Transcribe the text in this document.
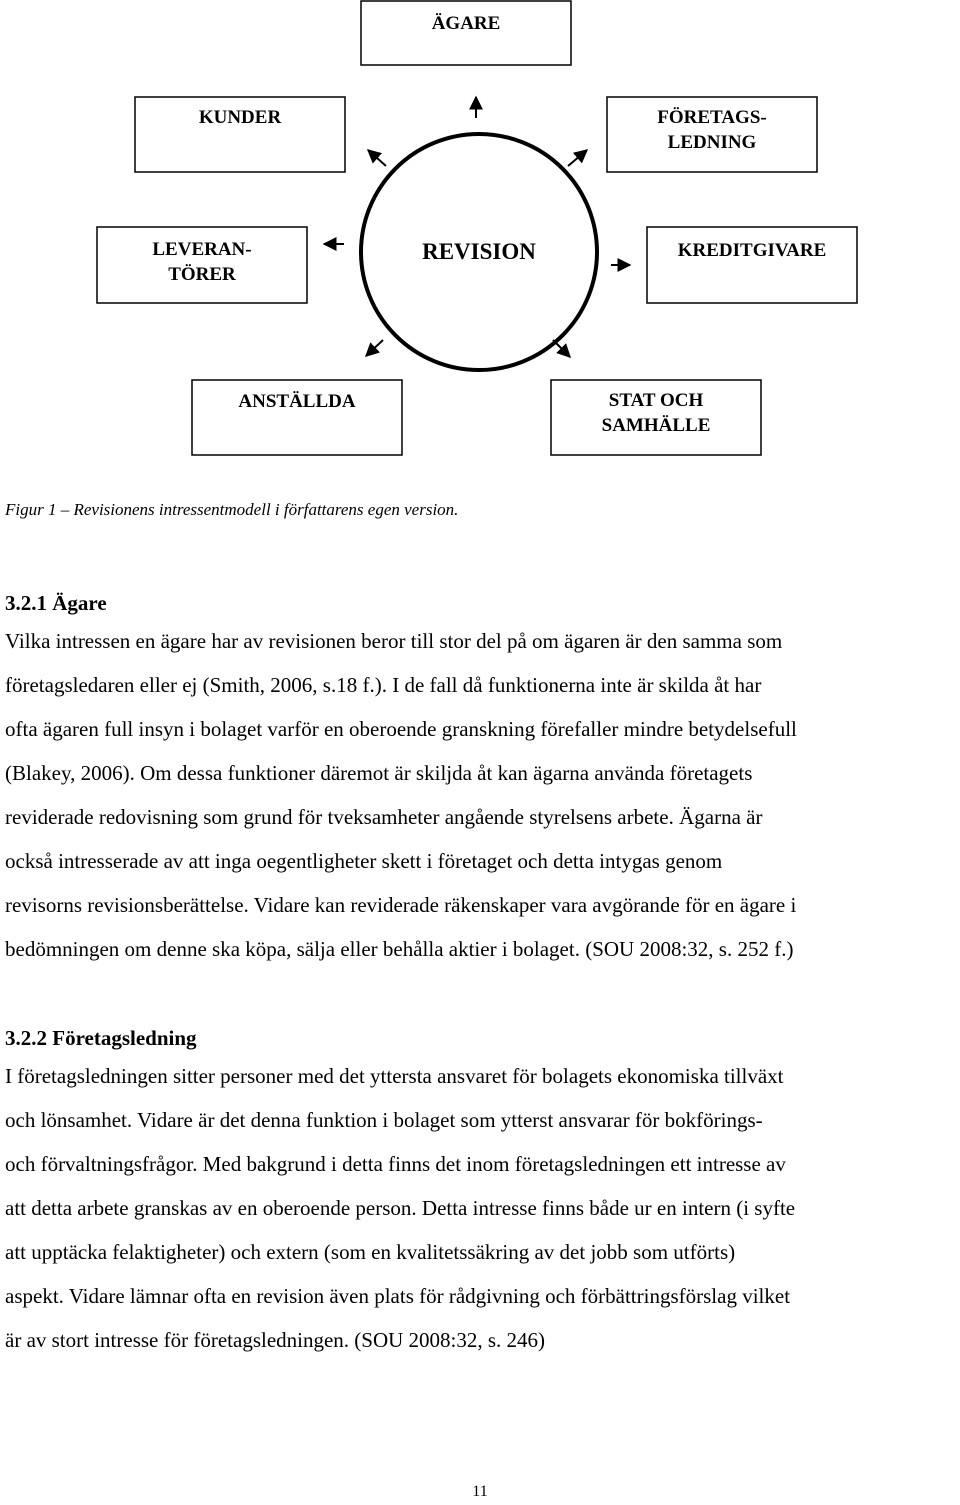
ÄGARE
KUNDER	FÖRETAGS-
LEDNING
LEVERAN-
TÖRER
KREDITGIVARE
ANSTÄLLDA	STAT OCH
SAMHÄLLE
REVISION
Figur 1 – Revisionens intressentmodell i författarens egen version.

3.2.1 Ägare

Vilka intressen en ägare har av revisionen beror till stor del på om ägaren är den samma som

företagsledaren eller ej (Smith, 2006, s.18 f.). I de fall då funktionerna inte är skilda åt har

ofta ägaren full insyn i bolaget varför en oberoende granskning förefaller mindre betydelsefull

(Blakey, 2006). Om dessa funktioner däremot är skiljda åt kan ägarna använda företagets

reviderade redovisning som grund för tveksamheter angående styrelsens arbete. Ägarna är

också intresserade av att inga oegentligheter skett i företaget och detta intygas genom

revisorns revisionsberättelse. Vidare kan reviderade räkenskaper vara avgörande för en ägare i

bedömningen om denne ska köpa, sälja eller behålla aktier i bolaget. (SOU 2008:32, s. 252 f.)

3.2.2 Företagsledning

I företagsledningen sitter personer med det yttersta ansvaret för bolagets ekonomiska tillväxt

och lönsamhet. Vidare är det denna funktion i bolaget som ytterst ansvarar för bokförings-

och förvaltningsfrågor. Med bakgrund i detta finns det inom företagsledningen ett intresse av

att detta arbete granskas av en oberoende person. Detta intresse finns både ur en intern (i syfte

att upptäcka felaktigheter) och extern (som en kvalitetssäkring av det jobb som utförts)

aspekt. Vidare lämnar ofta en revision även plats för rådgivning och förbättringsförslag vilket

är av stort intresse för företagsledningen. (SOU 2008:32, s. 246)

11
